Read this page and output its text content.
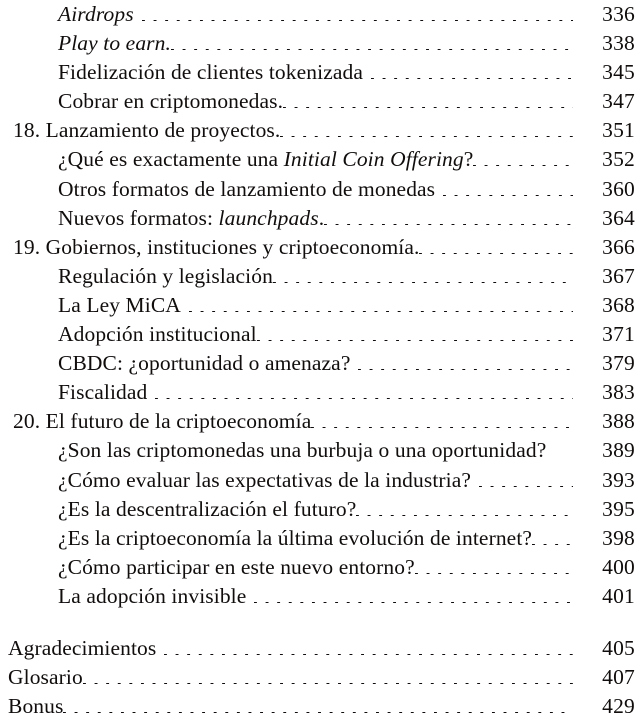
Airdrops	336
Play to earn.	338
Fidelización de clientes tokenizada	345
Cobrar en criptomonedas.	347
18. Lanzamiento de proyectos.	351
¿Qué es exactamente una Initial Coin Offering?	352
Otros formatos de lanzamiento de monedas	360
Nuevos formatos: launchpads.	364
19. Gobiernos, instituciones y criptoeconomía.	366
Regulación y legislación	367
La Ley MiCA	368
Adopción institucional	371
CBDC: ¿oportunidad o amenaza?	379
Fiscalidad	383
20. El futuro de la criptoeconomía	388
¿Son las criptomonedas una burbuja o una oportunidad?	389
¿Cómo evaluar las expectativas de la industria?	393
¿Es la descentralización el futuro?	395
¿Es la criptoeconomía la última evolución de internet?	398
¿Cómo participar en este nuevo entorno?	400
La adopción invisible	401
Agradecimientos	405
Glosario	407
Bonus	429
